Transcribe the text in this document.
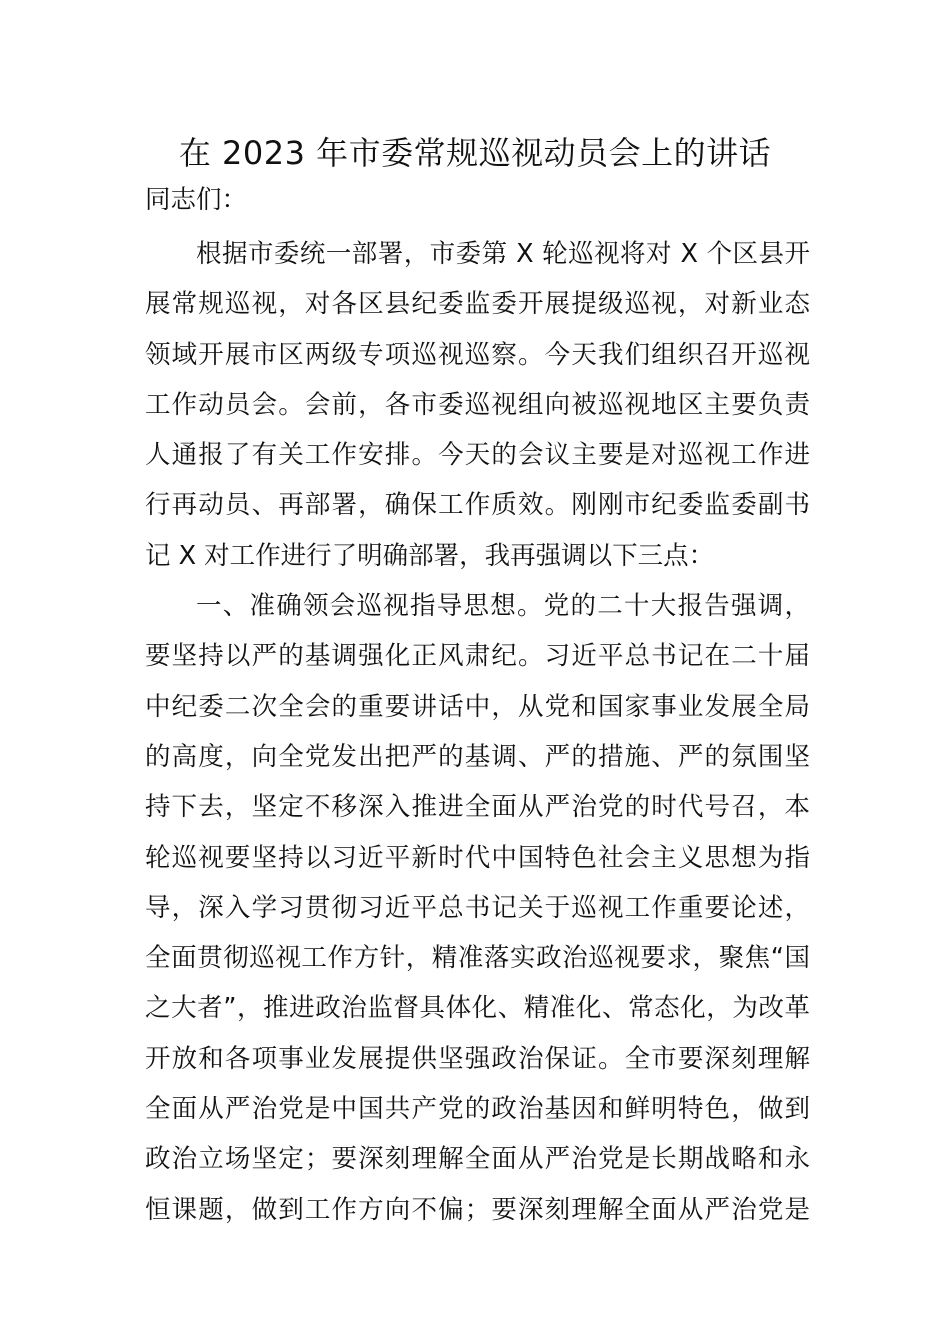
在 2023 年市委常规巡视动员会上的讲话
同志们：
根据市委统一部署，市委第 X 轮巡视将对 X 个区县开
展常规巡视，对各区县纪委监委开展提级巡视，对新业态
领域开展市区两级专项巡视巡察。今天我们组织召开巡视
工作动员会。会前，各市委巡视组向被巡视地区主要负责
人通报了有关工作安排。今天的会议主要是对巡视工作进
行再动员、再部署，确保工作质效。刚刚市纪委监委副书
记 X 对工作进行了明确部署，我再强调以下三点：
一、准确领会巡视指导思想。党的二十大报告强调，
要坚持以严的基调强化正风肃纪。习近平总书记在二十届
中纪委二次全会的重要讲话中，从党和国家事业发展全局
的高度，向全党发出把严的基调、严的措施、严的氛围坚
持下去，坚定不移深入推进全面从严治党的时代号召，本
轮巡视要坚持以习近平新时代中国特色社会主义思想为指
导，深入学习贯彻习近平总书记关于巡视工作重要论述，
全面贯彻巡视工作方针，精准落实政治巡视要求，聚焦“国
之大者”，推进政治监督具体化、精准化、常态化，为改革
开放和各项事业发展提供坚强政治保证。全市要深刻理解
全面从严治党是中国共产党的政治基因和鲜明特色，做到
政治立场坚定；要深刻理解全面从严治党是长期战略和永
恒课题，做到工作方向不偏；要深刻理解全面从严治党是
